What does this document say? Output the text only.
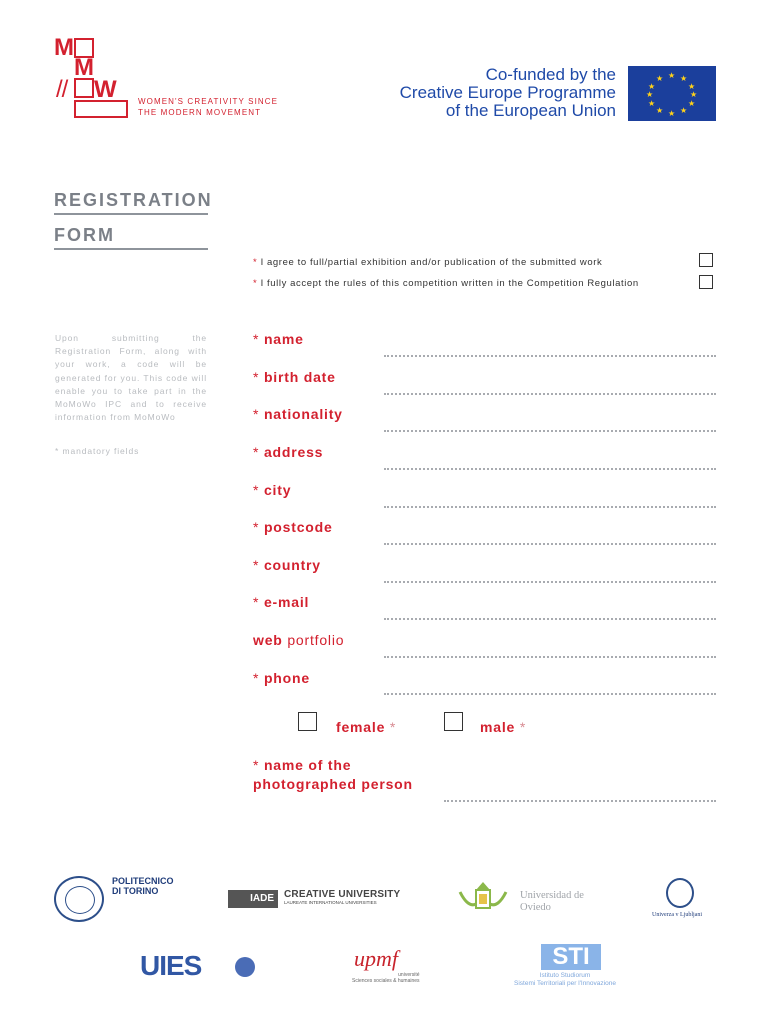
M
M
// W	WOMEN'S CREATIVITY SINCE
THE MODERN MOVEMENT
Co-funded by the
Creative Europe Programme
of the European Union
★ ★
★
★
★
★
★
★
★
★
★
★
REGISTRATION
FORM
* I agree to full/partial exhibition and/or publication of the submitted work
* I fully accept the rules of this competition written in the Competition Regulation
Upon submitting the Registration Form, along with your work, a code will be generated for you. This code will enable you to take part in the MoMoWo IPC and to receive information from MoMoWo
* mandatory fields
* name
* birth date
* nationality
* address
* city
* postcode
* country
* e-mail
web portfolio
* phone
female *	male *
* name of the
photographed person
POLITECNICO
DI TORINO
IADE	CREATIVE UNIVERSITY
LAUREATE INTERNATIONAL UNIVERSITIES
Universidad de
Oviedo
Univerza v Ljubljani
UIES	upmf
université
Sciences sociales & humaines
STI
Istituto Studiorum
Sistemi Territoriali per l'Innovazione
